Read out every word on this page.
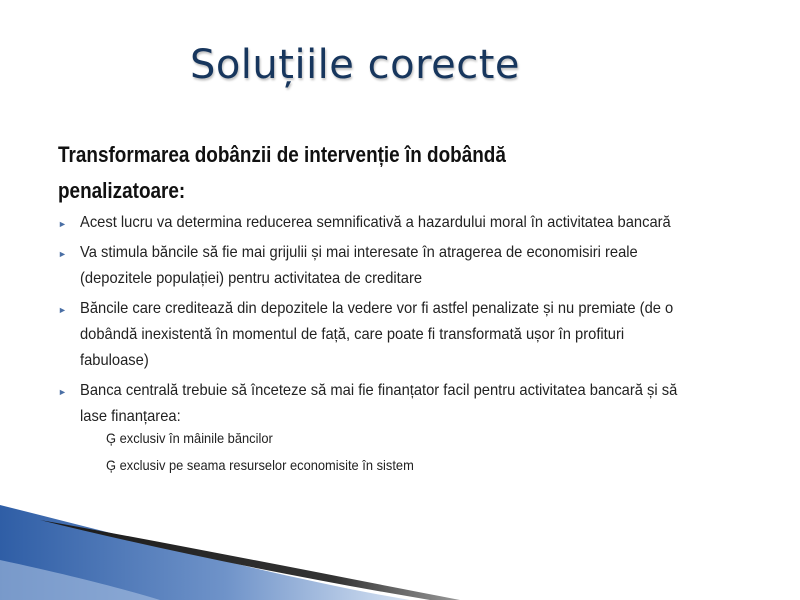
Soluțiile corecte
Transformarea dobânzii de intervenție în dobândă
penalizatoare:
► Acest lucru va determina reducerea semnificativă a hazardului moral în activitatea bancară
► Va stimula băncile să fie mai grijulii și mai interesate în atragerea de economisiri reale
(depozitele populației) pentru activitatea de creditare
► Băncile care creditează din depozitele la vedere vor fi astfel penalizate și nu premiate (de o
dobândă inexistentă în momentul de față, care poate fi transformată ușor în profituri
fabuloase)
► Banca centrală trebuie să înceteze să mai fie finanțator facil pentru activitatea bancară și să
lase finanțarea:
Ģ exclusiv în mâinile băncilor
Ģ exclusiv pe seama resurselor economisite în sistem
